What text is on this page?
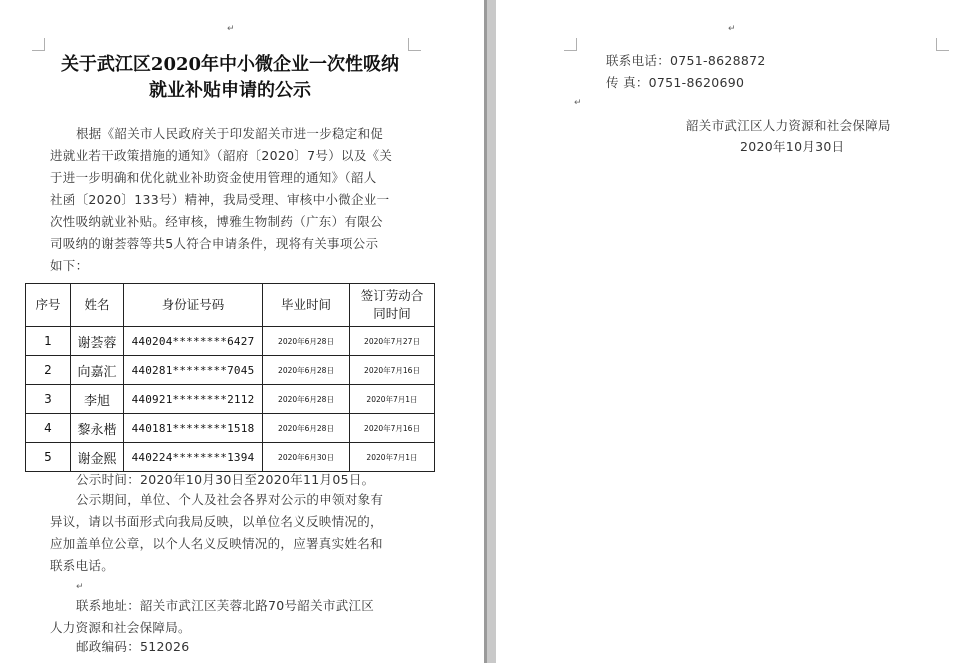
↵
关于武江区2020年中小微企业一次性吸纳
就业补贴申请的公示
根据《韶关市人民政府关于印发韶关市进一步稳定和促
进就业若干政策措施的通知》（韶府〔2020〕7号）以及《关
于进一步明确和优化就业补助资金使用管理的通知》（韶人
社函〔2020〕133号）精神，我局受理、审核中小微企业一
次性吸纳就业补贴。经审核，博雅生物制药（广东）有限公
司吸纳的谢荟蓉等共5人符合申请条件，现将有关事项公示
如下：
序号	姓名	身份证号码	毕业时间	签订劳动合
同时间

1	谢荟蓉	440204********6427	2020年6月28日	2020年7月27日
2	向嘉汇	440281********7045	2020年6月28日	2020年7月16日
3	李旭	440921********2112	2020年6月28日	2020年7月1日
4	黎永楷	440181********1518	2020年6月28日	2020年7月16日
5	谢金熙	440224********1394	2020年6月30日	2020年7月1日
公示时间：2020年10月30日至2020年11月05日。
公示期间，单位、个人及社会各界对公示的申领对象有
异议，请以书面形式向我局反映，以单位名义反映情况的，
应加盖单位公章，以个人名义反映情况的，应署真实姓名和
联系电话。
↵
联系地址：韶关市武江区芙蓉北路70号韶关市武江区
人力资源和社会保障局。
邮政编码：512026
↵
联系电话：0751-8628872
传 真：0751-8620690
↵
韶关市武江区人力资源和社会保障局
2020年10月30日
